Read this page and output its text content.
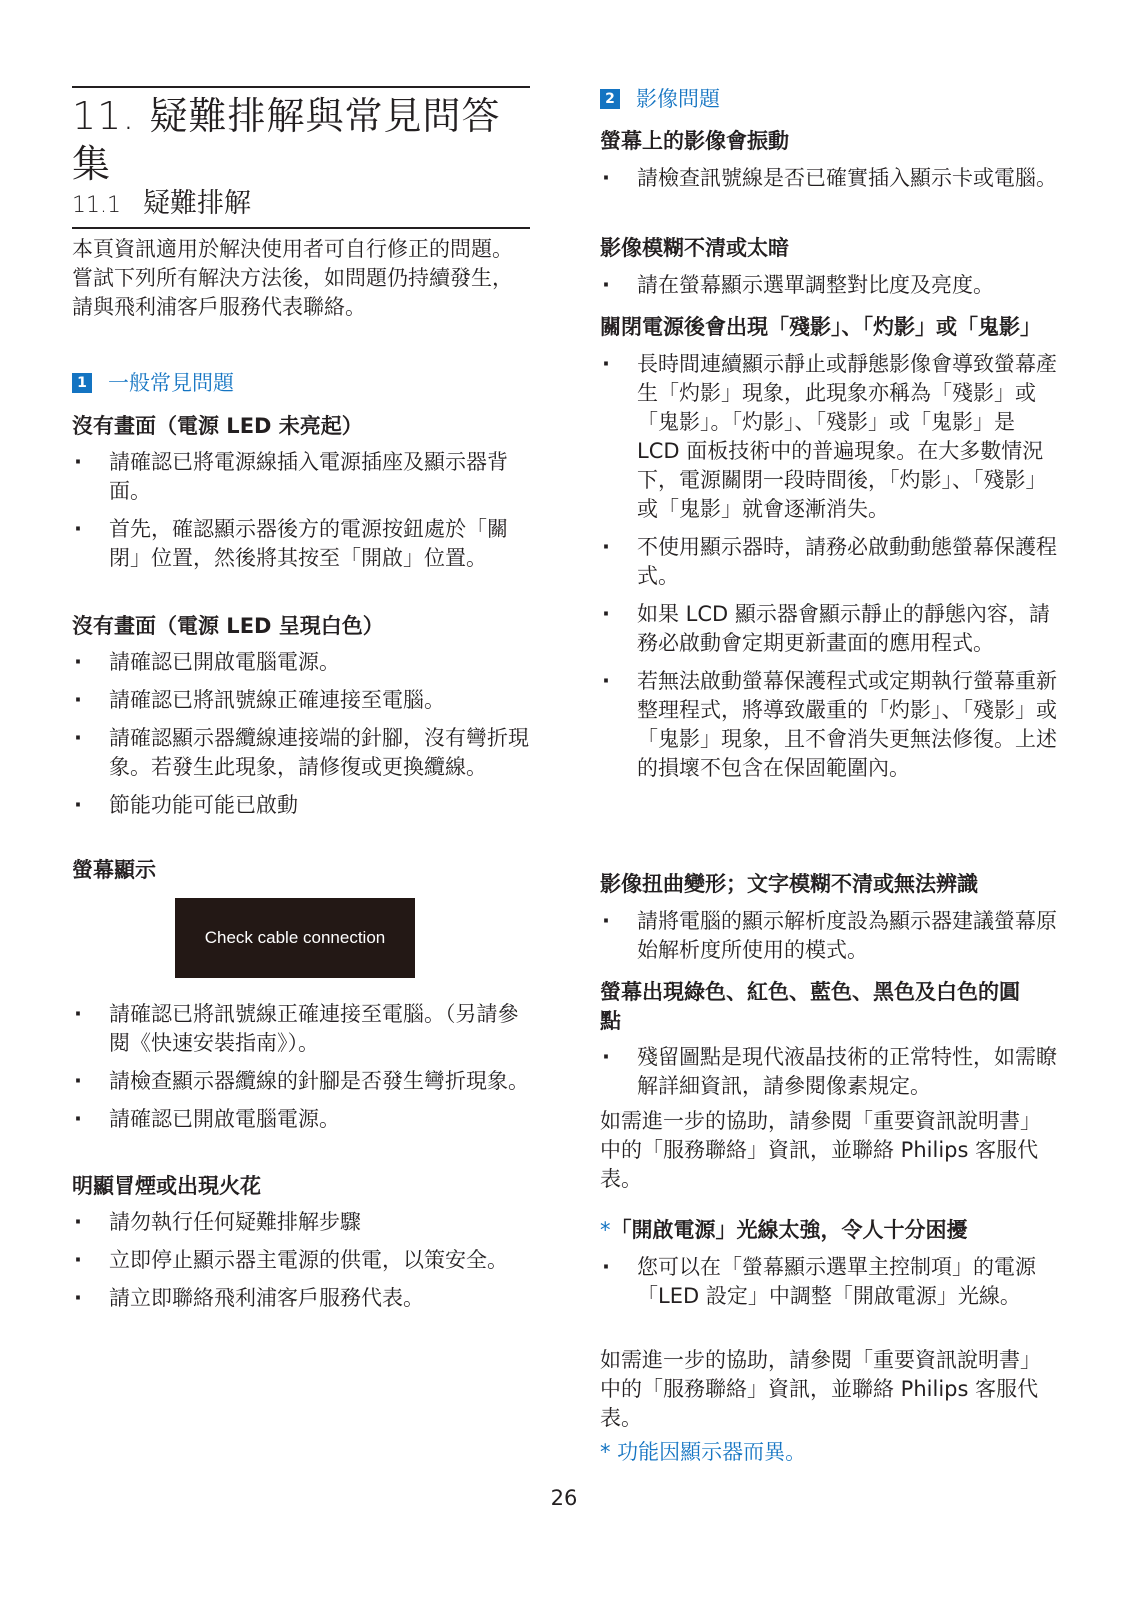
11. 疑難排解與常見問答集
11.1 疑難排解

本頁資訊適用於解決使用者可自行修正的問題。嘗試下列所有解決方法後，如問題仍持續發生，請與飛利浦客戶服務代表聯絡。

1 一般常見問題

沒有畫面（電源 LED 未亮起）

· 請確認已將電源線插入電源插座及顯示器背面。
· 首先，確認顯示器後方的電源按鈕處於「關閉」位置，然後將其按至「開啟」位置。

沒有畫面（電源 LED 呈現白色）

· 請確認已開啟電腦電源。
· 請確認已將訊號線正確連接至電腦。
· 請確認顯示器纜線連接端的針腳，沒有彎折現象。若發生此現象，請修復或更換纜線。
· 節能功能可能已啟動

螢幕顯示

Check cable connection
· 請確認已將訊號線正確連接至電腦。（另請參閱《快速安裝指南》）。
· 請檢查顯示器纜線的針腳是否發生彎折現象。
· 請確認已開啟電腦電源。

明顯冒煙或出現火花

· 請勿執行任何疑難排解步驟
· 立即停止顯示器主電源的供電，以策安全。
· 請立即聯絡飛利浦客戶服務代表。
2 影像問題

螢幕上的影像會振動

· 請檢查訊號線是否已確實插入顯示卡或電腦。

影像模糊不清或太暗

· 請在螢幕顯示選單調整對比度及亮度。

關閉電源後會出現「殘影」、「灼影」或「鬼影」

· 長時間連續顯示靜止或靜態影像會導致螢幕產生「灼影」現象，此現象亦稱為「殘影」或「鬼影」。「灼影」、「殘影」或「鬼影」是 LCD 面板技術中的普遍現象。在大多數情況下，電源關閉一段時間後，「灼影」、「殘影」或「鬼影」就會逐漸消失。
· 不使用顯示器時，請務必啟動動態螢幕保護程式。
· 如果 LCD 顯示器會顯示靜止的靜態內容，請務必啟動會定期更新畫面的應用程式。
· 若無法啟動螢幕保護程式或定期執行螢幕重新整理程式，將導致嚴重的「灼影」、「殘影」或「鬼影」現象，且不會消失更無法修復。上述的損壞不包含在保固範圍內。

影像扭曲變形；文字模糊不清或無法辨識

· 請將電腦的顯示解析度設為顯示器建議螢幕原始解析度所使用的模式。

螢幕出現綠色、紅色、藍色、黑色及白色的圓點

· 殘留圖點是現代液晶技術的正常特性，如需瞭解詳細資訊，請參閱像素規定。

如需進一步的協助，請參閱「重要資訊說明書」中的「服務聯絡」資訊，並聯絡 Philips 客服代表。

*「開啟電源」光線太強，令人十分困擾

· 您可以在「螢幕顯示選單主控制項」的電源「LED 設定」中調整「開啟電源」光線。

如需進一步的協助，請參閱「重要資訊說明書」中的「服務聯絡」資訊，並聯絡 Philips 客服代表。

* 功能因顯示器而異。
26
